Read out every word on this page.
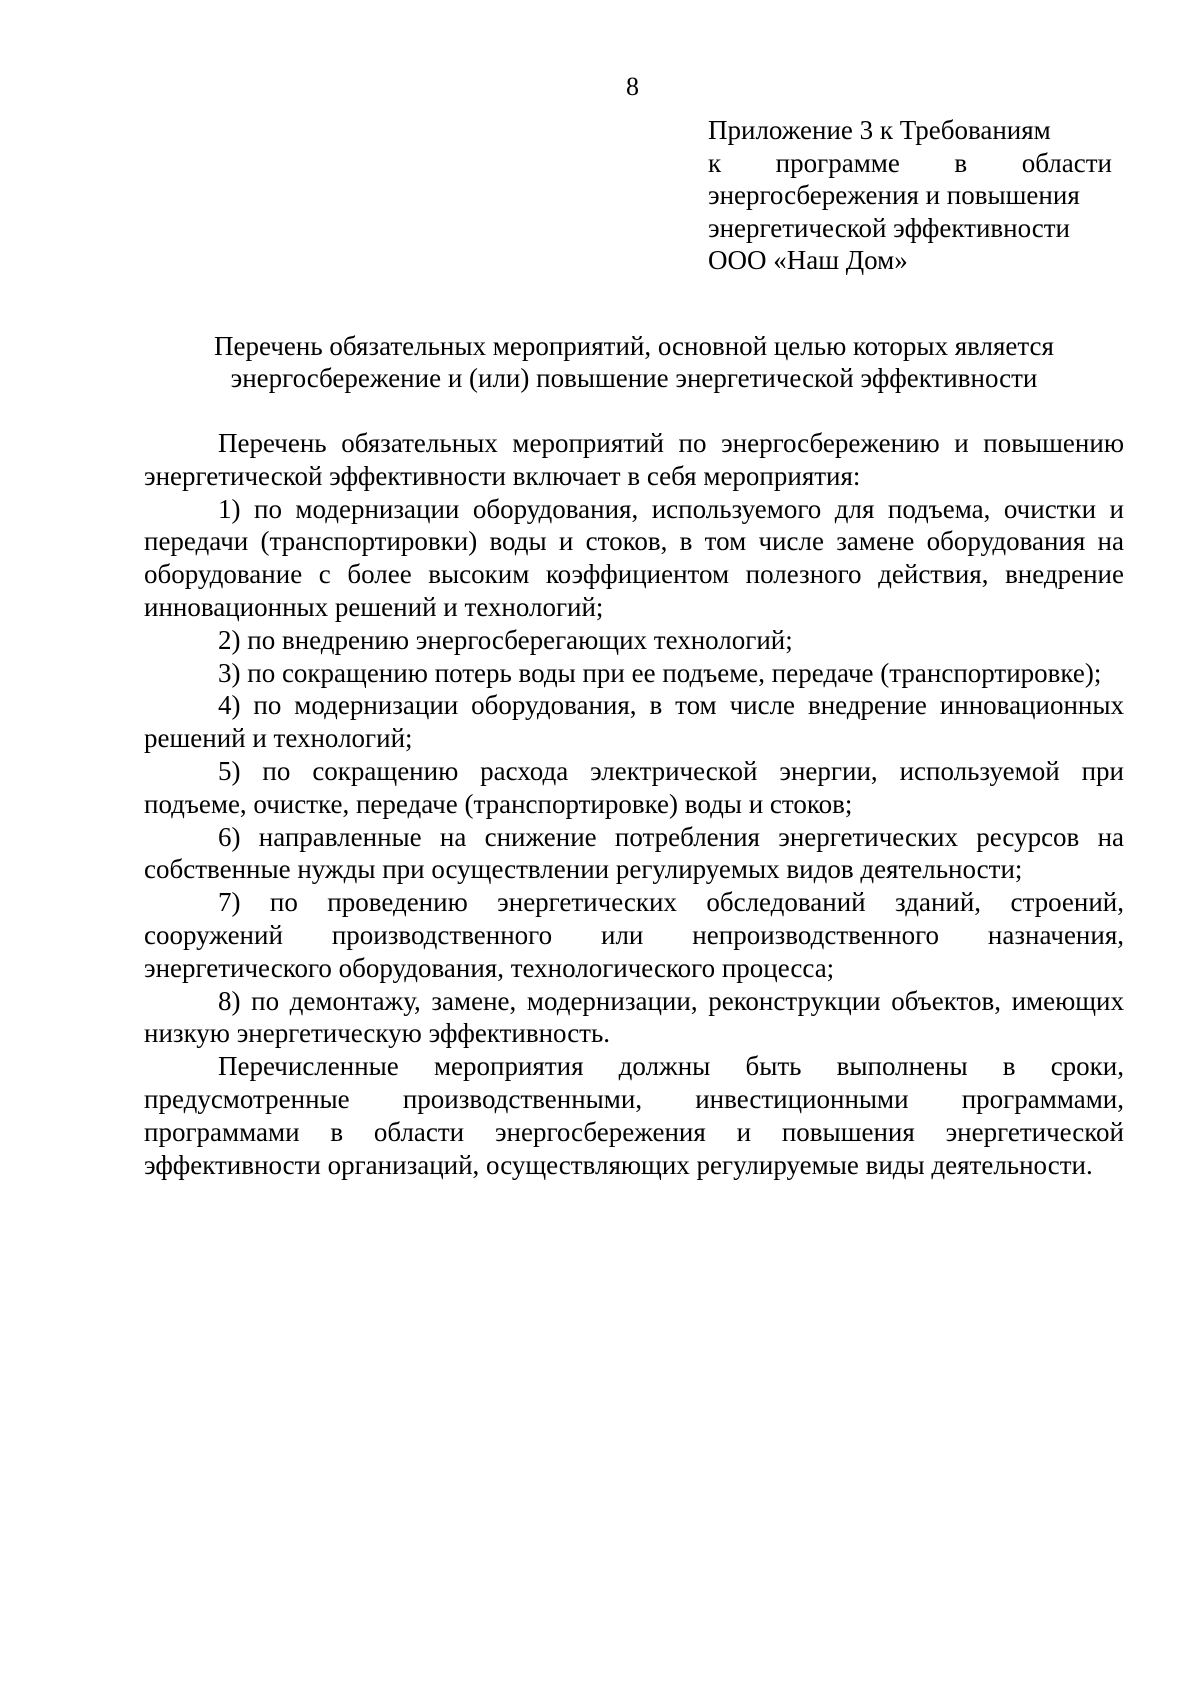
8
Приложение 3 к Требованиям
к программе в области
энергосбережения и повышения
энергетической эффективности
ООО «Наш Дом»
Перечень обязательных мероприятий, основной целью которых является
энергосбережение и (или) повышение энергетической эффективности

Перечень обязательных мероприятий по энергосбережению и повышению энергетической эффективности включает в себя мероприятия:

1) по модернизации оборудования, используемого для подъема, очистки и передачи (транспортировки) воды и стоков, в том числе замене оборудования на оборудование с более высоким коэффициентом полезного действия, внедрение инновационных решений и технологий;

2) по внедрению энергосберегающих технологий;

3) по сокращению потерь воды при ее подъеме, передаче (транспортировке);

4) по модернизации оборудования, в том числе внедрение инновационных решений и технологий;

5) по сокращению расхода электрической энергии, используемой при подъеме, очистке, передаче (транспортировке) воды и стоков;

6) направленные на снижение потребления энергетических ресурсов на собственные нужды при осуществлении регулируемых видов деятельности;

7) по проведению энергетических обследований зданий, строений, сооружений производственного или непроизводственного назначения, энергетического оборудования, технологического процесса;

8) по демонтажу, замене, модернизации, реконструкции объектов, имеющих низкую энергетическую эффективность.

Перечисленные мероприятия должны быть выполнены в сроки, предусмотренные производственными, инвестиционными программами, программами в области энергосбережения и повышения энергетической эффективности организаций, осуществляющих регулируемые виды деятельности.
